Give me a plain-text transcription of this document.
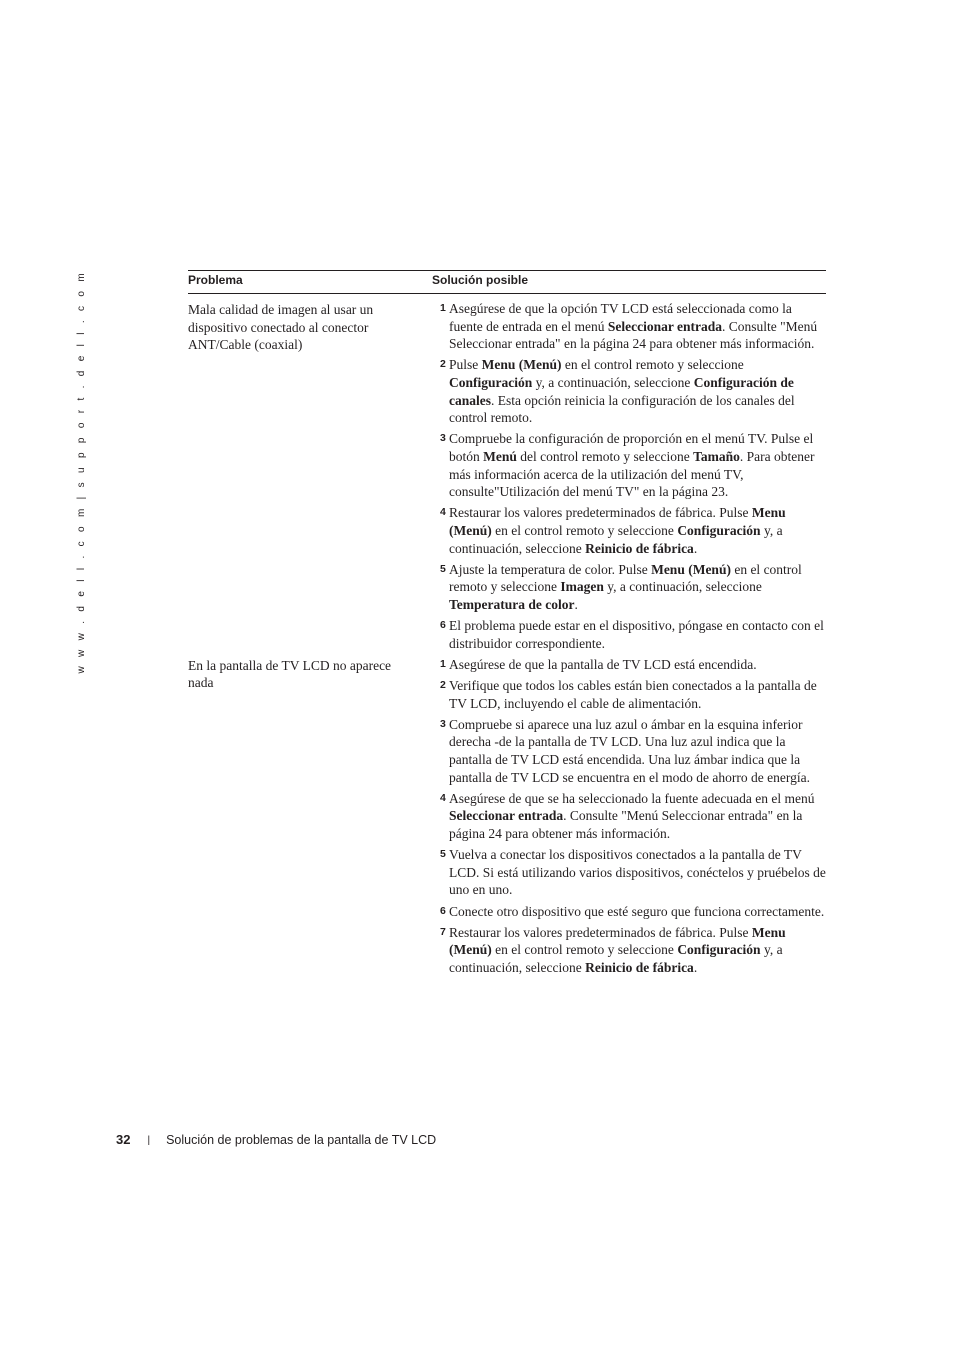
w w w . d e l l . c o m | s u p p o r t . d e l l . c o m	Problema	Solución posible
Mala calidad de imagen al usar un dispositivo conectado al conector ANT/Cable (coaxial)
1 Asegúrese de que la opción TV LCD está seleccionada como la fuente de entrada en el menú Seleccionar entrada. Consulte "Menú Seleccionar entrada" en la página 24 para obtener más información.
2 Pulse Menu (Menú) en el control remoto y seleccione Configuración y, a continuación, seleccione Configuración de canales. Esta opción reinicia la configuración de los canales del control remoto.
3 Compruebe la configuración de proporción en el menú TV. Pulse el botón Menú del control remoto y seleccione Tamaño. Para obtener más información acerca de la utilización del menú TV, consulte"Utilización del menú TV" en la página 23.
4 Restaurar los valores predeterminados de fábrica. Pulse Menu (Menú) en el control remoto y seleccione Configuración y, a continuación, seleccione Reinicio de fábrica.
5 Ajuste la temperatura de color. Pulse Menu (Menú) en el control remoto y seleccione Imagen y, a continuación, seleccione Temperatura de color.
6 El problema puede estar en el dispositivo, póngase en contacto con el distribuidor correspondiente.
En la pantalla de TV LCD no aparece nada
1 Asegúrese de que la pantalla de TV LCD está encendida.
2 Verifique que todos los cables están bien conectados a la pantalla de TV LCD, incluyendo el cable de alimentación.
3 Compruebe si aparece una luz azul o ámbar en la esquina inferior derecha -de la pantalla de TV LCD. Una luz azul indica que la pantalla de TV LCD está encendida. Una luz ámbar indica que la pantalla de TV LCD se encuentra en el modo de ahorro de energía.
4 Asegúrese de que se ha seleccionado la fuente adecuada en el menú Seleccionar entrada. Consulte "Menú Seleccionar entrada" en la página 24 para obtener más información.
5 Vuelva a conectar los dispositivos conectados a la pantalla de TV LCD. Si está utilizando varios dispositivos, conéctelos y pruébelos de uno en uno.
6 Conecte otro dispositivo que esté seguro que funciona correctamente.
7 Restaurar los valores predeterminados de fábrica. Pulse Menu (Menú) en el control remoto y seleccione Configuración y, a continuación, seleccione Reinicio de fábrica.
32 | Solución de problemas de la pantalla de TV LCD
